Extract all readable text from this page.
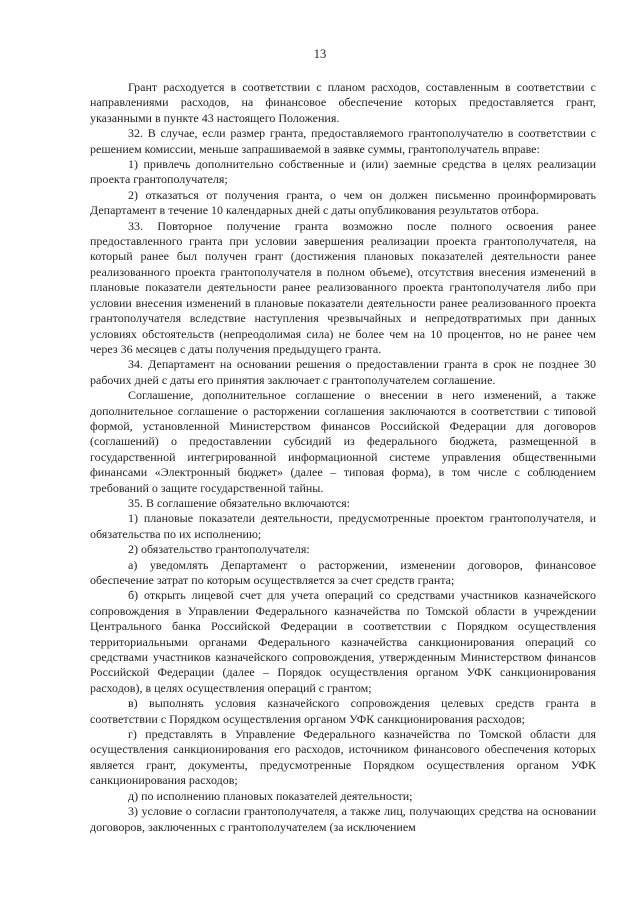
13

Грант расходуется в соответствии с планом расходов, составленным в соответствии с направлениями расходов, на финансовое обеспечение которых предоставляется грант, указанными в пункте 43 настоящего Положения.

32. В случае, если размер гранта, предоставляемого грантополучателю в соответствии с решением комиссии, меньше запрашиваемой в заявке суммы, грантополучатель вправе:

1) привлечь дополнительно собственные и (или) заемные средства в целях реализации проекта грантополучателя;

2) отказаться от получения гранта, о чем он должен письменно проинформировать Департамент в течение 10 календарных дней с даты опубликования результатов отбора.

33. Повторное получение гранта возможно после полного освоения ранее предоставленного гранта при условии завершения реализации проекта грантополучателя, на который ранее был получен грант (достижения плановых показателей деятельности ранее реализованного проекта грантополучателя в полном объеме), отсутствия внесения изменений в плановые показатели деятельности ранее реализованного проекта грантополучателя либо при условии внесения изменений в плановые показатели деятельности ранее реализованного проекта грантополучателя вследствие наступления чрезвычайных и непредотвратимых при данных условиях обстоятельств (непреодолимая сила) не более чем на 10 процентов, но не ранее чем через 36 месяцев с даты получения предыдущего гранта.

34. Департамент на основании решения о предоставлении гранта в срок не позднее 30 рабочих дней с даты его принятия заключает с грантополучателем соглашение.

Соглашение, дополнительное соглашение о внесении в него изменений, а также дополнительное соглашение о расторжении соглашения заключаются в соответствии с типовой формой, установленной Министерством финансов Российской Федерации для договоров (соглашений) о предоставлении субсидий из федерального бюджета, размещенной в государственной интегрированной информационной системе управления общественными финансами «Электронный бюджет» (далее – типовая форма), в том числе с соблюдением требований о защите государственной тайны.

35. В соглашение обязательно включаются:

1) плановые показатели деятельности, предусмотренные проектом грантополучателя, и обязательства по их исполнению;

2) обязательство грантополучателя:

а) уведомлять Департамент о расторжении, изменении договоров, финансовое обеспечение затрат по которым осуществляется за счет средств гранта;

б) открыть лицевой счет для учета операций со средствами участников казначейского сопровождения в Управлении Федерального казначейства по Томской области в учреждении Центрального банка Российской Федерации в соответствии с Порядком осуществления территориальными органами Федерального казначейства санкционирования операций со средствами участников казначейского сопровождения, утвержденным Министерством финансов Российской Федерации (далее – Порядок осуществления органом УФК санкционирования расходов), в целях осуществления операций с грантом;

в) выполнять условия казначейского сопровождения целевых средств гранта в соответствии с Порядком осуществления органом УФК санкционирования расходов;

г) представлять в Управление Федерального казначейства по Томской области для осуществления санкционирования его расходов, источником финансового обеспечения которых является грант, документы, предусмотренные Порядком осуществления органом УФК санкционирования расходов;

д) по исполнению плановых показателей деятельности;

3) условие о согласии грантополучателя, а также лиц, получающих средства на основании договоров, заключенных с грантополучателем (за исключением
